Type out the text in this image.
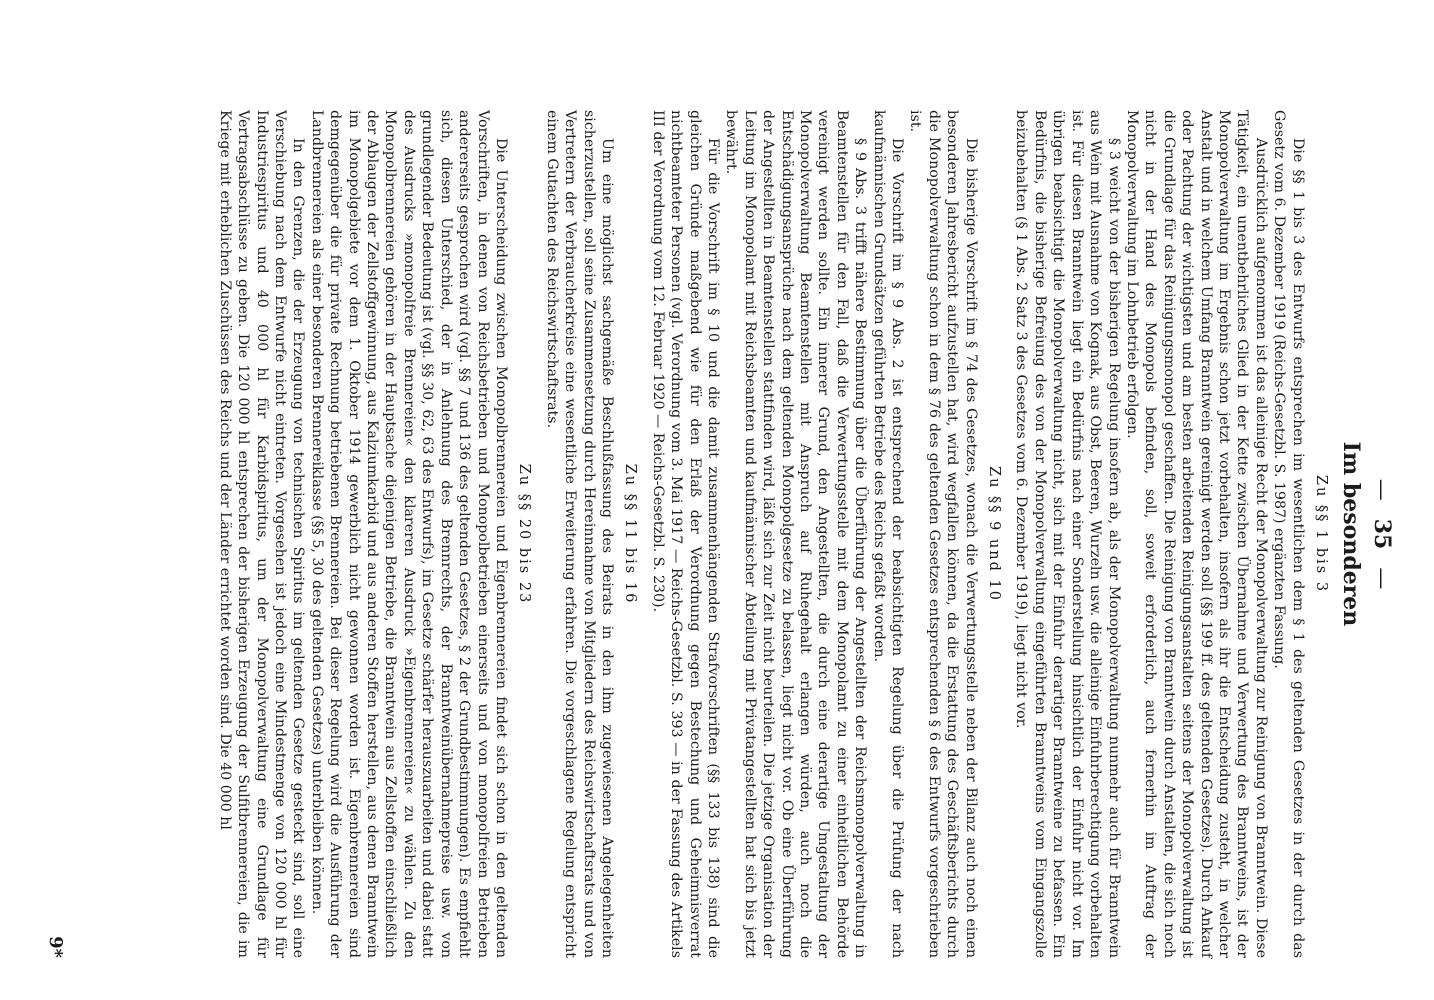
—35—
Im besonderen
Zu §§ 1 bis 3

Die §§ 1 bis 3 des Entwurfs entsprechen im wesentlichen dem § 1 des geltenden Gesetzes in der durch das Gesetz vom 6. Dezember 1919 (Reichs-Gesetzbl. S. 1987) ergänzten Fassung.

Ausdrücklich aufgenommen ist das alleinige Recht der Monopolverwaltung zur Reinigung von Branntwein. Diese Tätigkeit, ein unentbehrliches Glied in der Kette zwischen Übernahme und Verwertung des Branntweins, ist der Monopolverwaltung im Ergebnis schon jetzt vorbehalten, insofern als ihr die Entscheidung zusteht, in welcher Anstalt und in welchem Umfang Branntwein gereinigt werden soll (§§ 199 ff. des geltenden Gesetzes). Durch Ankauf oder Pachtung der wichtigsten und am besten arbeitenden Reinigungsanstalten seitens der Monopolverwaltung ist die Grundlage für das Reinigungsmonopol geschaffen. Die Reinigung von Branntwein durch Anstalten, die sich noch nicht in der Hand des Monopols befinden, soll, soweit erforderlich, auch fernerhin im Auftrag der Monopolverwaltung im Lohnbetrieb erfolgen.

§ 3 weicht von der bisherigen Regelung insofern ab, als der Monopolverwaltung nunmehr auch für Branntwein aus Wein mit Ausnahme von Kognak, aus Obst, Beeren, Wurzeln usw. die alleinige Einfuhrberechtigung vorbehalten ist. Für diesen Branntwein liegt ein Bedürfnis nach einer Sonderstellung hinsichtlich der Einfuhr nicht vor. Im übrigen beabsichtigt die Monopolverwaltung nicht, sich mit der Einfuhr derartiger Branntweine zu befassen. Ein Bedürfnis, die bisherige Befreiung des von der Monopolverwaltung eingeführten Branntweins vom Eingangszolle beizubehalten (§ 1 Abs. 2 Satz 3 des Gesetzes vom 6. Dezember 1919), liegt nicht vor.

Zu §§ 9 und 10

Die bisherige Vorschrift im § 74 des Gesetzes, wonach die Verwertungsstelle neben der Bilanz auch noch einen besonderen Jahresbericht aufzustellen hat, wird wegfallen können, da die Erstattung des Geschäftsberichts durch die Monopolverwaltung schon in dem § 76 des geltenden Gesetzes entsprechenden § 6 des Entwurfs vorgeschrieben ist.

Die Vorschrift im § 9 Abs. 2 ist entsprechend der beabsichtigten Regelung über die Prüfung der nach kaufmännischen Grundsätzen geführten Betriebe des Reichs gefaßt worden.

§ 9 Abs. 3 trifft nähere Bestimmung über die Überführung der Angestellten der Reichsmonopolverwaltung in Beamtenstellen für den Fall, daß die Verwertungsstelle mit dem Monopolamt zu einer einheitlichen Behörde vereinigt werden sollte. Ein innerer Grund, den Angestellten, die durch eine derartige Umgestaltung der Monopolverwaltung Beamtenstellen mit Anspruch auf Ruhegehalt erlangen würden, auch noch die Entschädigungsansprüche nach dem geltenden Monopolgesetze zu belassen, liegt nicht vor. Ob eine Überführung der Angestellten in Beamtenstellen stattfinden wird, läßt sich zur Zeit nicht beurteilen. Die jetzige Organisation der Leitung im Monopolamt mit Reichsbeamten und kaufmännischer Abteilung mit Privatangestellten hat sich bis jetzt bewährt.

Für die Vorschrift im § 10 und die damit zusammenhängenden Strafvorschriften (§§ 133 bis 138) sind die gleichen Gründe maßgebend wie für den Erlaß der Verordnung gegen Bestechung und Geheimnisverrat nichtbeamteter Personen (vgl. Verordnung vom 3. Mai 1917 — Reichs-Gesetzbl. S. 393 — in der Fassung des Artikels III der Verordnung vom 12. Februar 1920 — Reichs-Gesetzbl. S. 230).

Zu §§ 11 bis 16

Um eine möglichst sachgemäße Beschlußfassung des Beirats in den ihm zugewiesenen Angelegenheiten sicherzustellen, soll seine Zusammensetzung durch Hereinnahme von Mitgliedern des Reichswirtschaftsrats und von Vertretern der Verbraucherkreise eine wesentliche Erweiterung erfahren. Die vorgeschlagene Regelung entspricht einem Gutachten des Reichswirtschaftsrats.

Zu §§ 20 bis 23

Die Unterscheidung zwischen Monopolbrennereien und Eigenbrennereien findet sich schon in den geltenden Vorschriften, in denen von Reichsbetrieben und Monopolbetrieben einerseits und von monopolfreien Betrieben andererseits gesprochen wird (vgl. §§ 7 und 136 des geltenden Gesetzes, § 2 der Grundbestimmungen). Es empfiehlt sich, diesen Unterschied, der in Anlehnung des Brennrechts, der Branntweinübernahmepreise usw. von grundlegender Bedeutung ist (vgl. §§ 30, 62, 63 des Entwurfs), im Gesetze schärfer herauszuarbeiten und dabei statt des Ausdrucks »monopolfreie Brennereien« den klareren Ausdruck »Eigenbrennereien« zu wählen. Zu den Monopolbrennereien gehören in der Hauptsache diejenigen Betriebe, die Branntwein aus Zellstoffen einschließlich der Ablaugen der Zellstoffgewinnung, aus Kalziumkarbid und aus anderen Stoffen herstellen, aus denen Branntwein im Monopolgebiete vor dem 1. Oktober 1914 gewerblich nicht gewonnen worden ist. Eigenbrennereien sind demgegenüber die für private Rechnung betriebenen Brennereien. Bei dieser Regelung wird die Ausführung der Landbrennereien als einer besonderen Brennereiklasse (§§ 5, 30 des geltenden Gesetzes) unterbleiben können.

In den Grenzen, die der Erzeugung von technischen Spiritus im geltenden Gesetze gesteckt sind, soll eine Verschiebung nach dem Entwurfe nicht eintreten. Vorgesehen ist jedoch eine Mindestmenge von 120 000 hl für Industriespiritus und 40 000 hl für Karbidspiritus, um der Monopolverwaltung eine Grundlage für Vertragsabschlüsse zu geben. Die 120 000 hl entsprechen der bisherigen Erzeugung der Sulfitbrennereien, die im Kriege mit erheblichen Zuschüssen des Reichs und der Länder errichtet worden sind. Die 40 000 hl

9*
